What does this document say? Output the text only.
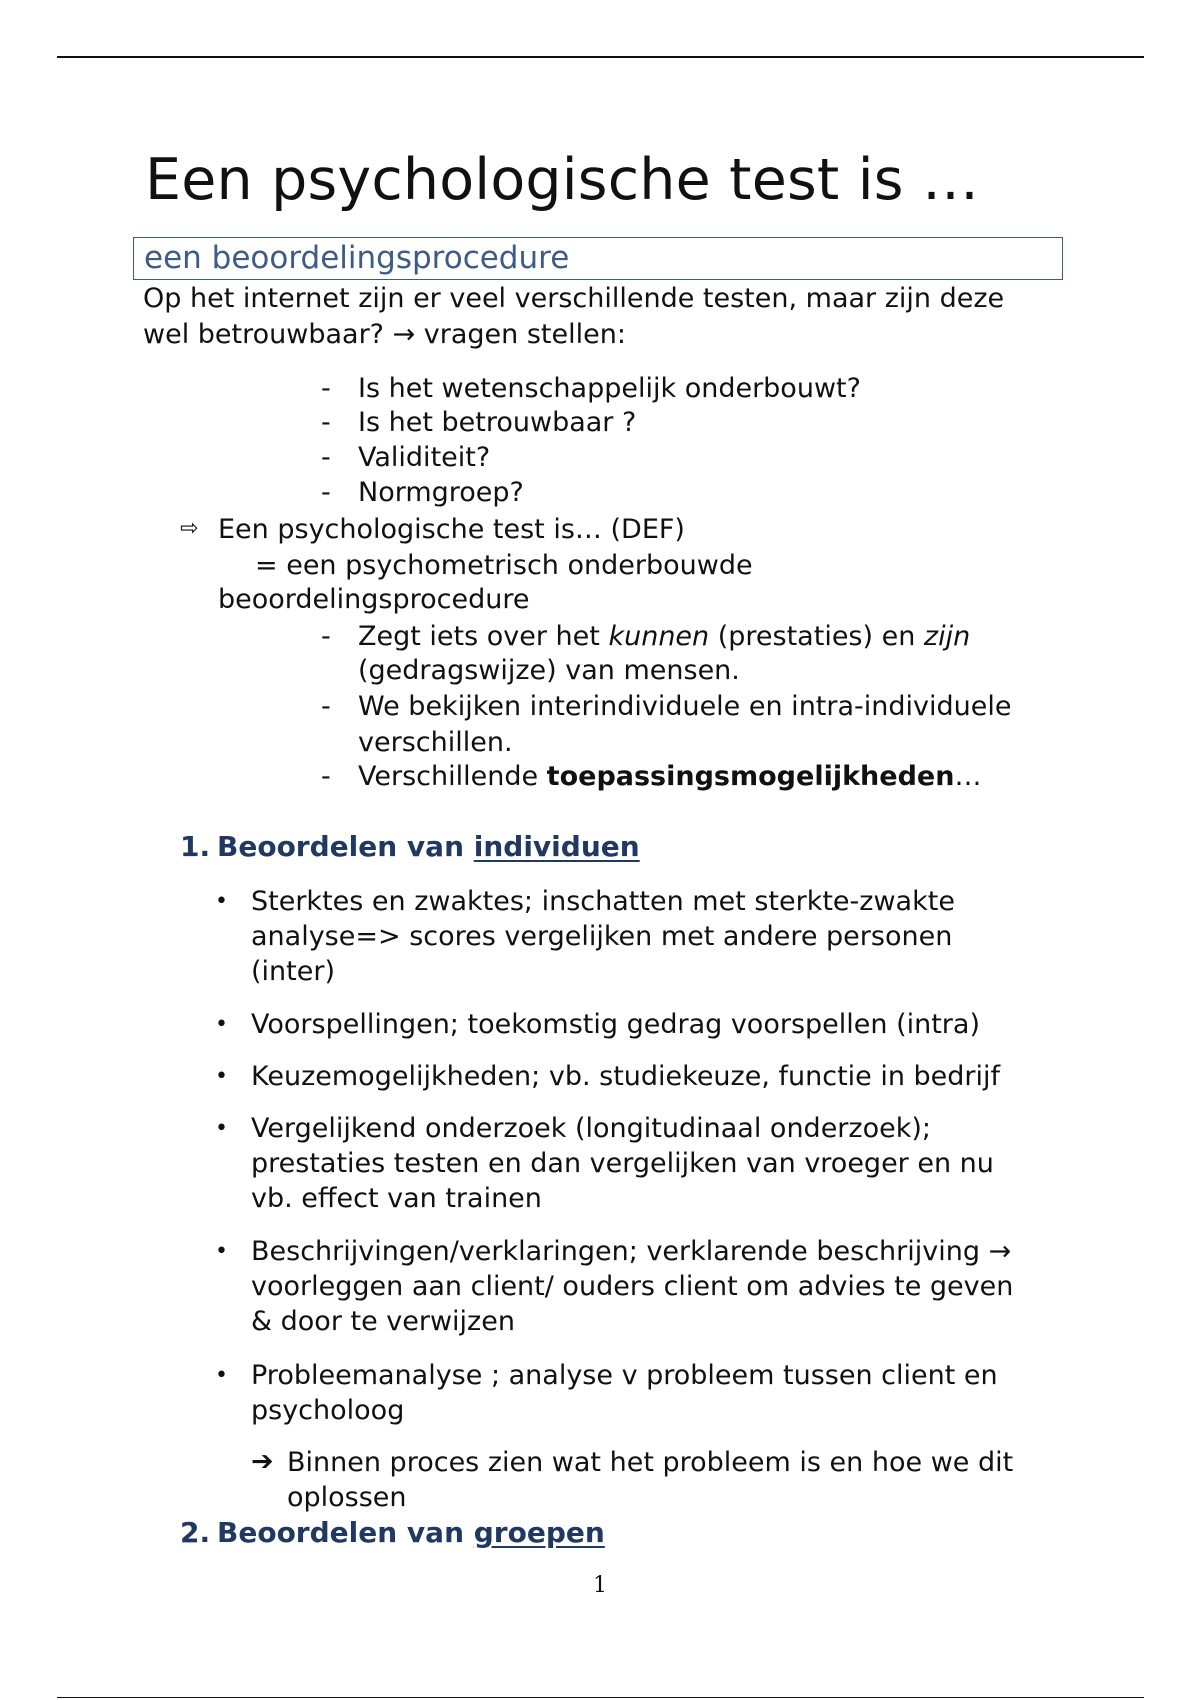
Een psychologische test is …
een beoordelingsprocedure
Op het internet zijn er veel verschillende testen, maar zijn deze
wel betrouwbaar? → vragen stellen:
- Is het wetenschappelijk onderbouwt?
- Is het betrouwbaar ?
- Validiteit?
- Normgroep?
⇨ Een psychologische test is… (DEF)
= een psychometrisch onderbouwde
beoordelingsprocedure
- Zegt iets over het kunnen (prestaties) en zijn
(gedragswijze) van mensen.
- We bekijken interindividuele en intra-individuele
verschillen.
- Verschillende toepassingsmogelijkheden…
1. Beoordelen van individuen
• Sterktes en zwaktes; inschatten met sterkte-zwakte
analyse=> scores vergelijken met andere personen
(inter)
• Voorspellingen; toekomstig gedrag voorspellen (intra)
• Keuzemogelijkheden; vb. studiekeuze, functie in bedrijf
• Vergelijkend onderzoek (longitudinaal onderzoek);
prestaties testen en dan vergelijken van vroeger en nu
vb. effect van trainen
• Beschrijvingen/verklaringen; verklarende beschrijving →
voorleggen aan client/ ouders client om advies te geven
& door te verwijzen
• Probleemanalyse ; analyse v probleem tussen client en
psycholoog
➔ Binnen proces zien wat het probleem is en hoe we dit
oplossen
2. Beoordelen van groepen
1
